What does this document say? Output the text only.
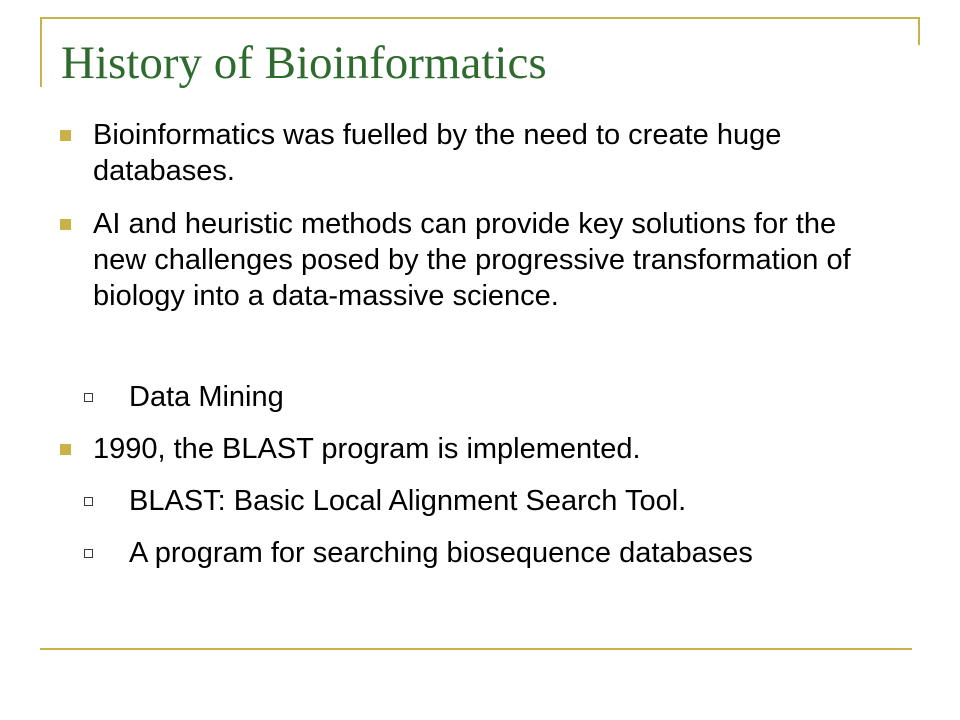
History of Bioinformatics
Bioinformatics was fuelled by the need to create huge databases.
AI and heuristic methods can provide key solutions for the new challenges posed by the progressive transformation of biology into a data-massive science.
Data Mining
1990, the BLAST program is implemented.
BLAST: Basic Local Alignment Search Tool.
A program for searching biosequence databases
